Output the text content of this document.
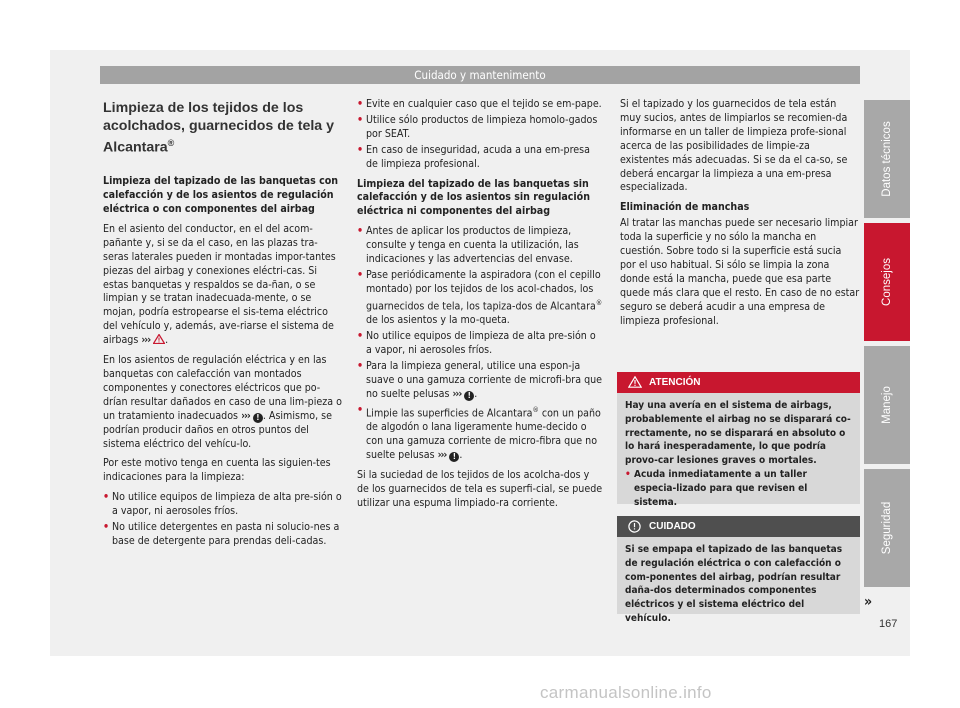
Cuidado y mantenimento
Limpieza de los tejidos de los acolchados, guarnecidos de tela y Alcantara®

Limpieza del tapizado de las banquetas con calefacción y de los asientos de regulación eléctrica o con componentes del airbag

En el asiento del conductor, en el del acom-pañante y, si se da el caso, en las plazas tra-seras laterales pueden ir montadas impor-tantes piezas del airbag y conexiones eléctri-cas. Si estas banquetas y respaldos se da-ñan, o se limpian y se tratan inadecuada-mente, o se mojan, podría estropearse el sis-tema eléctrico del vehículo y, además, ave-riarse el sistema de airbags ››› .

En los asientos de regulación eléctrica y en las banquetas con calefacción van montados componentes y conectores eléctricos que po-drían resultar dañados en caso de una lim-pieza o un tratamiento inadecuados ››› ! . Asimismo, se podrían producir daños en otros puntos del sistema eléctrico del vehícu-lo.

Por este motivo tenga en cuenta las siguien-tes indicaciones para la limpieza:

• No utilice equipos de limpieza de alta pre-sión o a vapor, ni aerosoles fríos.

• No utilice detergentes en pasta ni solucio-nes a base de detergente para prendas deli-cadas.

• Evite en cualquier caso que el tejido se em-pape.

• Utilice sólo productos de limpieza homolo-gados por SEAT.

• En caso de inseguridad, acuda a una em-presa de limpieza profesional.

Limpieza del tapizado de las banquetas sin calefacción y de los asientos sin regulación eléctrica ni componentes del airbag

• Antes de aplicar los productos de limpieza, consulte y tenga en cuenta la utilización, las indicaciones y las advertencias del envase.

• Pase periódicamente la aspiradora (con el cepillo montado) por los tejidos de los acol-chados, los guarnecidos de tela, los tapiza-dos de Alcantara® de los asientos y la mo-queta.

• No utilice equipos de limpieza de alta pre-sión o a vapor, ni aerosoles fríos.

• Para la limpieza general, utilice una espon-ja suave o una gamuza corriente de microfi-bra que no suelte pelusas ››› ! .

• Limpie las superficies de Alcantara® con un paño de algodón o lana ligeramente hume-decido o con una gamuza corriente de micro-fibra que no suelte pelusas ››› ! .

Si la suciedad de los tejidos de los acolcha-dos y de los guarnecidos de tela es superfi-cial, se puede utilizar una espuma limpiado-ra corriente.

Si el tapizado y los guarnecidos de tela están muy sucios, antes de limpiarlos se recomien-da informarse en un taller de limpieza profe-sional acerca de las posibilidades de limpie-za existentes más adecuadas. Si se da el ca-so, se deberá encargar la limpieza a una em-presa especializada.

Eliminación de manchas

Al tratar las manchas puede ser necesario limpiar toda la superficie y no sólo la mancha en cuestión. Sobre todo si la superficie está sucia por el uso habitual. Si sólo se limpia la zona donde está la mancha, puede que esa parte quede más clara que el resto. En caso de no estar seguro se deberá acudir a una empresa de limpieza profesional.

ATENCIÓN

Hay una avería en el sistema de airbags, probablemente el airbag no se disparará co-rrectamente, no se disparará en absoluto o lo hará inesperadamente, lo que podría provo-car lesiones graves o mortales.

• Acuda inmediatamente a un taller especia-lizado para que revisen el sistema.

CUIDADO

Si se empapa el tapizado de las banquetas de regulación eléctrica o con calefacción o com-ponentes del airbag, podrían resultar daña-dos determinados componentes eléctricos y el sistema eléctrico del vehículo.

»
Datos técnicos
Consejos
Manejo
Seguridad
167
carmanualsonline.info
